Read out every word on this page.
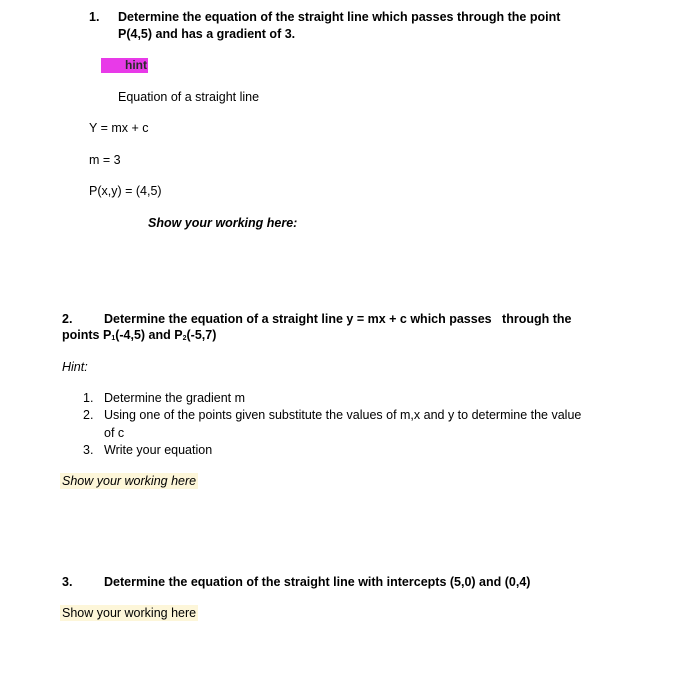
1. Determine the equation of the straight line which passes through the point
P(4,5) and has a gradient of 3.
hint
Equation of a straight line
Y = mx + c
m = 3
P(x,y) = (4,5)
Show your working here:
2.	Determine the equation of a straight line y = mx + c which passes   through the
points $P_1(-4,5)$ and $P_2(-5,7)$
Hint:
1. Determine the gradient m
2. Using one of the points given substitute the values of m,x and y to determine the value
of c
3. Write your equation
Show your working here
3.	Determine the equation of the straight line with intercepts (5,0) and (0,4)
Show your working here
